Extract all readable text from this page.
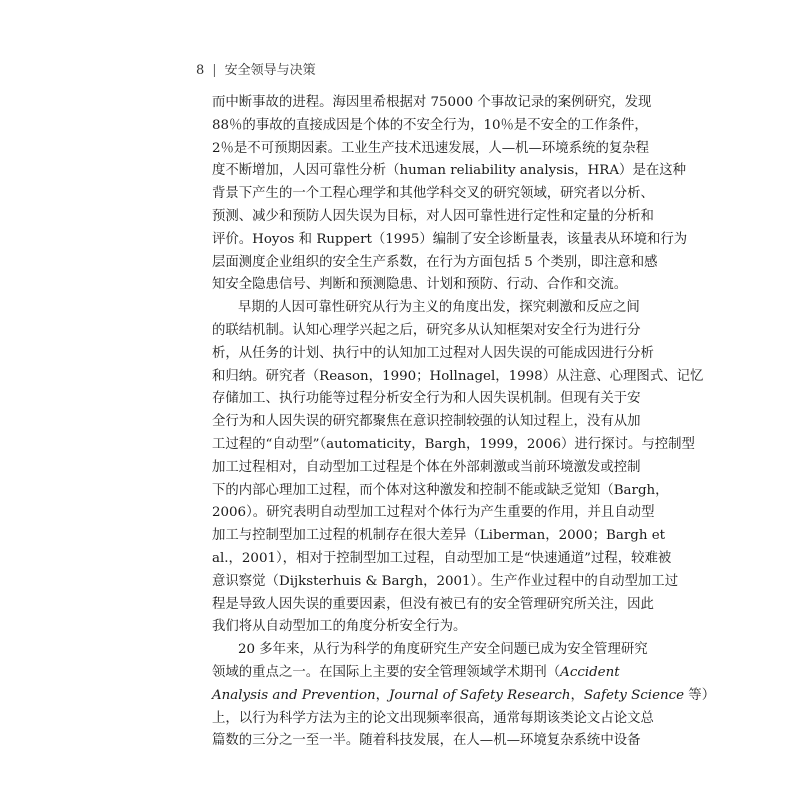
8 | 安全领导与决策
而中断事故的进程。海因里希根据对 75000 个事故记录的案例研究，发现
88％的事故的直接成因是个体的不安全行为，10％是不安全的工作条件，
2％是不可预期因素。工业生产技术迅速发展，人—机—环境系统的复杂程
度不断增加，人因可靠性分析（human reliability analysis，HRA）是在这种
背景下产生的一个工程心理学和其他学科交叉的研究领域，研究者以分析、
预测、减少和预防人因失误为目标，对人因可靠性进行定性和定量的分析和
评价。Hoyos 和 Ruppert（1995）编制了安全诊断量表，该量表从环境和行为
层面测度企业组织的安全生产系数，在行为方面包括 5 个类别，即注意和感
知安全隐患信号、判断和预测隐患、计划和预防、行动、合作和交流。
早期的人因可靠性研究从行为主义的角度出发，探究刺激和反应之间
的联结机制。认知心理学兴起之后，研究多从认知框架对安全行为进行分
析，从任务的计划、执行中的认知加工过程对人因失误的可能成因进行分析
和归纳。研究者（Reason，1990；Hollnagel，1998）从注意、心理图式、记忆
存储加工、执行功能等过程分析安全行为和人因失误机制。但现有关于安
全行为和人因失误的研究都聚焦在意识控制较强的认知过程上，没有从加
工过程的“自动型”（automaticity，Bargh，1999，2006）进行探讨。与控制型
加工过程相对，自动型加工过程是个体在外部刺激或当前环境激发或控制
下的内部心理加工过程，而个体对这种激发和控制不能或缺乏觉知（Bargh，
2006）。研究表明自动型加工过程对个体行为产生重要的作用，并且自动型
加工与控制型加工过程的机制存在很大差异（Liberman，2000；Bargh et
al.，2001），相对于控制型加工过程，自动型加工是“快速通道”过程，较难被
意识察觉（Dijksterhuis & Bargh，2001）。生产作业过程中的自动型加工过
程是导致人因失误的重要因素，但没有被已有的安全管理研究所关注，因此
我们将从自动型加工的角度分析安全行为。
20 多年来，从行为科学的角度研究生产安全问题已成为安全管理研究
领域的重点之一。在国际上主要的安全管理领域学术期刊（Accident
Analysis and Prevention，Journal of Safety Research，Safety Science 等）
上，以行为科学方法为主的论文出现频率很高，通常每期该类论文占论文总
篇数的三分之一至一半。随着科技发展，在人—机—环境复杂系统中设备
